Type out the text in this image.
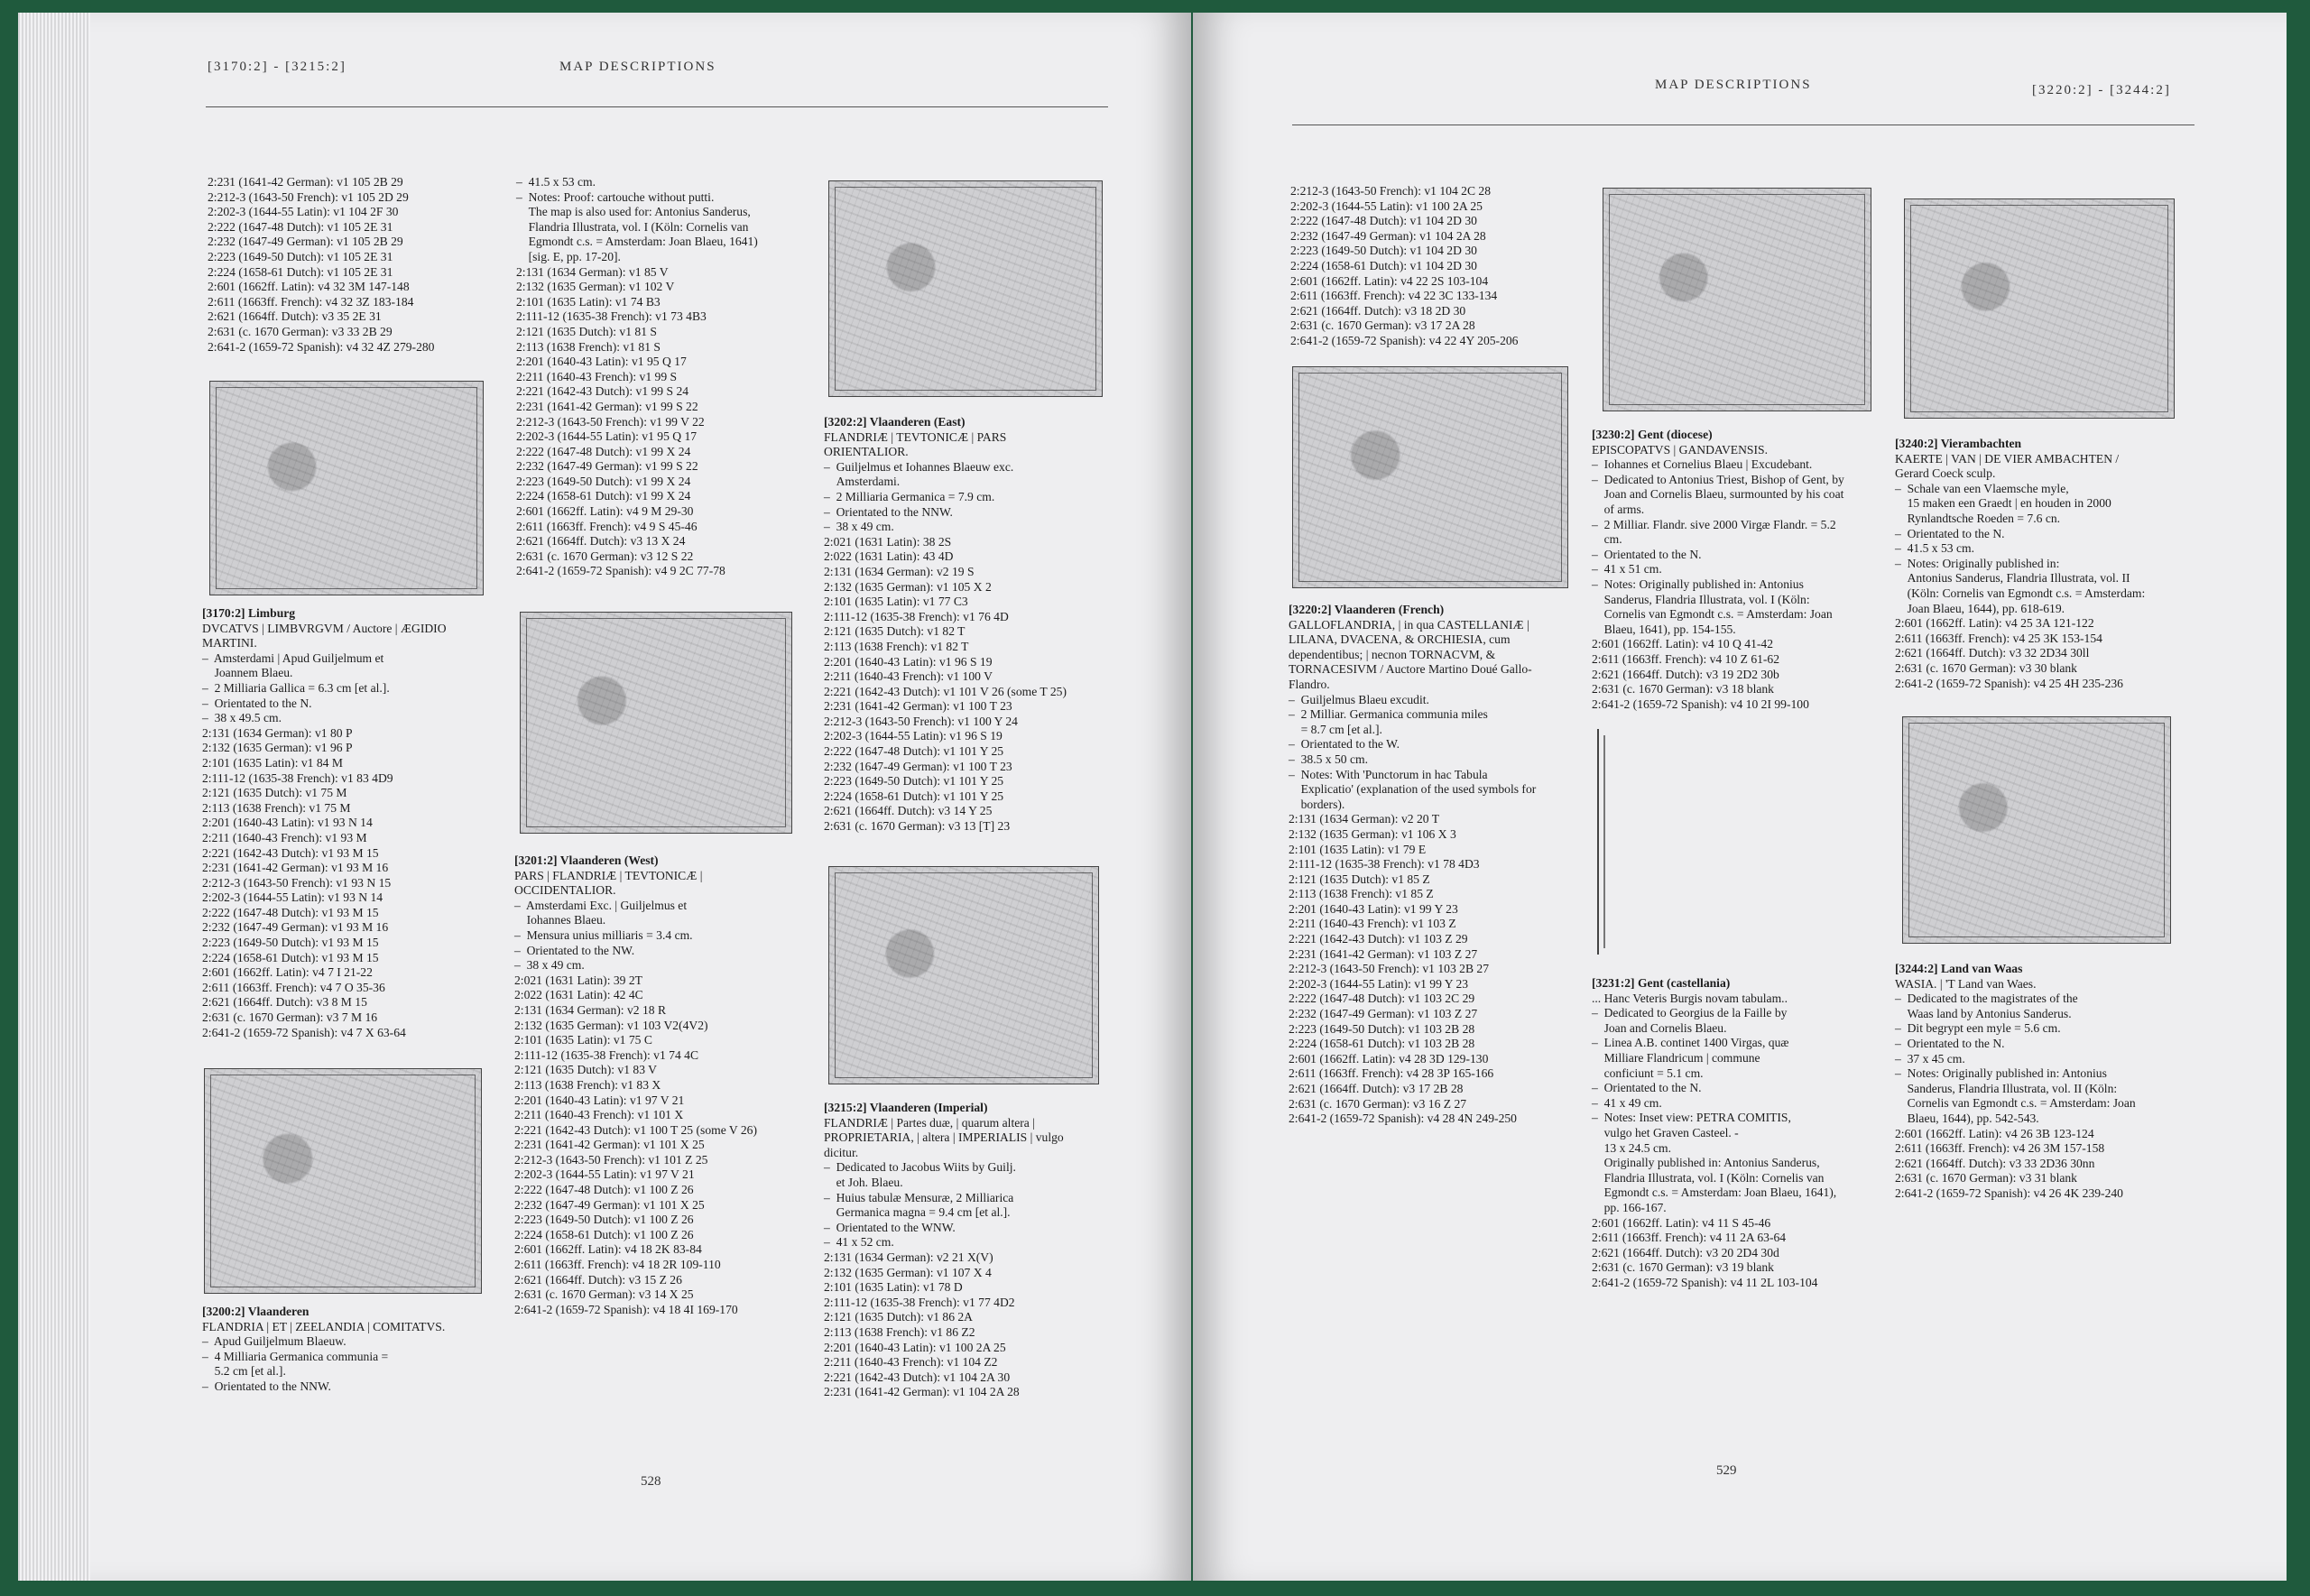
[3170:2] - [3215:2]	MAP DESCRIPTIONS

2:231 (1641-42 German): v1 105 2B 29
2:212-3 (1643-50 French): v1 105 2D 29
2:202-3 (1644-55 Latin): v1 104 2F 30
2:222 (1647-48 Dutch): v1 105 2E 31
2:232 (1647-49 German): v1 105 2B 29
2:223 (1649-50 Dutch): v1 105 2E 31
2:224 (1658-61 Dutch): v1 105 2E 31
2:601 (1662ff. Latin): v4 32 3M 147-148
2:611 (1663ff. French): v4 32 3Z 183-184
2:621 (1664ff. Dutch): v3 35 2E 31
2:631 (c. 1670 German): v3 33 2B 29
2:641-2 (1659-72 Spanish): v4 32 4Z 279-280

[3170:2] Limburg

DVCATVS | LIMBVRGVM / Auctore | ÆGIDIO MARTINI.
–  Amsterdami | Apud Guiljelmum et
Joannem Blaeu.
–  2 Milliaria Gallica = 6.3 cm [et al.].
–  Orientated to the N.
–  38 x 49.5 cm.
2:131 (1634 German): v1 80 P
2:132 (1635 German): v1 96 P
2:101 (1635 Latin): v1 84 M
2:111-12 (1635-38 French): v1 83 4D9
2:121 (1635 Dutch): v1 75 M
2:113 (1638 French): v1 75 M
2:201 (1640-43 Latin): v1 93 N 14
2:211 (1640-43 French): v1 93 M
2:221 (1642-43 Dutch): v1 93 M 15
2:231 (1641-42 German): v1 93 M 16
2:212-3 (1643-50 French): v1 93 N 15
2:202-3 (1644-55 Latin): v1 93 N 14
2:222 (1647-48 Dutch): v1 93 M 15
2:232 (1647-49 German): v1 93 M 16
2:223 (1649-50 Dutch): v1 93 M 15
2:224 (1658-61 Dutch): v1 93 M 15
2:601 (1662ff. Latin): v4 7 I 21-22
2:611 (1663ff. French): v4 7 O 35-36
2:621 (1664ff. Dutch): v3 8 M 15
2:631 (c. 1670 German): v3 7 M 16
2:641-2 (1659-72 Spanish): v4 7 X 63-64

[3200:2] Vlaanderen

FLANDRIA | ET | ZEELANDIA | COMITATVS.
–  Apud Guiljelmum Blaeuw.
–  4 Milliaria Germanica communia =
5.2 cm [et al.].
–  Orientated to the NNW.

–  41.5 x 53 cm.
–  Notes: Proof: cartouche without putti.
The map is also used for: Antonius Sanderus,
Flandria Illustrata, vol. I (Köln: Cornelis van
Egmondt c.s. = Amsterdam: Joan Blaeu, 1641)
[sig. E, pp. 17-20].
2:131 (1634 German): v1 85 V
2:132 (1635 German): v1 102 V
2:101 (1635 Latin): v1 74 B3
2:111-12 (1635-38 French): v1 73 4B3
2:121 (1635 Dutch): v1 81 S
2:113 (1638 French): v1 81 S
2:201 (1640-43 Latin): v1 95 Q 17
2:211 (1640-43 French): v1 99 S
2:221 (1642-43 Dutch): v1 99 S 24
2:231 (1641-42 German): v1 99 S 22
2:212-3 (1643-50 French): v1 99 V 22
2:202-3 (1644-55 Latin): v1 95 Q 17
2:222 (1647-48 Dutch): v1 99 X 24
2:232 (1647-49 German): v1 99 S 22
2:223 (1649-50 Dutch): v1 99 X 24
2:224 (1658-61 Dutch): v1 99 X 24
2:601 (1662ff. Latin): v4 9 M 29-30
2:611 (1663ff. French): v4 9 S 45-46
2:621 (1664ff. Dutch): v3 13 X 24
2:631 (c. 1670 German): v3 12 S 22
2:641-2 (1659-72 Spanish): v4 9 2C 77-78

[3201:2] Vlaanderen (West)

PARS | FLANDRIÆ | TEVTONICÆ |
OCCIDENTALIOR.
–  Amsterdami Exc. | Guiljelmus et
Iohannes Blaeu.
–  Mensura unius milliaris = 3.4 cm.
–  Orientated to the NW.
–  38 x 49 cm.
2:021 (1631 Latin): 39 2T
2:022 (1631 Latin): 42 4C
2:131 (1634 German): v2 18 R
2:132 (1635 German): v1 103 V2(4V2)
2:101 (1635 Latin): v1 75 C
2:111-12 (1635-38 French): v1 74 4C
2:121 (1635 Dutch): v1 83 V
2:113 (1638 French): v1 83 X
2:201 (1640-43 Latin): v1 97 V 21
2:211 (1640-43 French): v1 101 X
2:221 (1642-43 Dutch): v1 100 T 25 (some V 26)
2:231 (1641-42 German): v1 101 X 25
2:212-3 (1643-50 French): v1 101 Z 25
2:202-3 (1644-55 Latin): v1 97 V 21
2:222 (1647-48 Dutch): v1 100 Z 26
2:232 (1647-49 German): v1 101 X 25
2:223 (1649-50 Dutch): v1 100 Z 26
2:224 (1658-61 Dutch): v1 100 Z 26
2:601 (1662ff. Latin): v4 18 2K 83-84
2:611 (1663ff. French): v4 18 2R 109-110
2:621 (1664ff. Dutch): v3 15 Z 26
2:631 (c. 1670 German): v3 14 X 25
2:641-2 (1659-72 Spanish): v4 18 4I 169-170

[3202:2] Vlaanderen (East)

FLANDRIÆ | TEVTONICÆ | PARS
ORIENTALIOR.
–  Guiljelmus et Iohannes Blaeuw exc.
Amsterdami.
–  2 Milliaria Germanica = 7.9 cm.
–  Orientated to the NNW.
–  38 x 49 cm.
2:021 (1631 Latin): 38 2S
2:022 (1631 Latin): 43 4D
2:131 (1634 German): v2 19 S
2:132 (1635 German): v1 105 X 2
2:101 (1635 Latin): v1 77 C3
2:111-12 (1635-38 French): v1 76 4D
2:121 (1635 Dutch): v1 82 T
2:113 (1638 French): v1 82 T
2:201 (1640-43 Latin): v1 96 S 19
2:211 (1640-43 French): v1 100 V
2:221 (1642-43 Dutch): v1 101 V 26 (some T 25)
2:231 (1641-42 German): v1 100 T 23
2:212-3 (1643-50 French): v1 100 Y 24
2:202-3 (1644-55 Latin): v1 96 S 19
2:222 (1647-48 Dutch): v1 101 Y 25
2:232 (1647-49 German): v1 100 T 23
2:223 (1649-50 Dutch): v1 101 Y 25
2:224 (1658-61 Dutch): v1 101 Y 25
2:621 (1664ff. Dutch): v3 14 Y 25
2:631 (c. 1670 German): v3 13 [T] 23

[3215:2] Vlaanderen (Imperial)

FLANDRIÆ | Partes duæ, | quarum altera |
PROPRIETARIA, | altera | IMPERIALIS | vulgo
dicitur.
–  Dedicated to Jacobus Wiits by Guilj.
et Joh. Blaeu.
–  Huius tabulæ Mensuræ, 2 Milliarica
Germanica magna = 9.4 cm [et al.].
–  Orientated to the WNW.
–  41 x 52 cm.
2:131 (1634 German): v2 21 X(V)
2:132 (1635 German): v1 107 X 4
2:101 (1635 Latin): v1 78 D
2:111-12 (1635-38 French): v1 77 4D2
2:121 (1635 Dutch): v1 86 2A
2:113 (1638 French): v1 86 Z2
2:201 (1640-43 Latin): v1 100 2A 25
2:211 (1640-43 French): v1 104 Z2
2:221 (1642-43 Dutch): v1 104 2A 30
2:231 (1641-42 German): v1 104 2A 28

528
MAP DESCRIPTIONS	[3220:2] - [3244:2]

2:212-3 (1643-50 French): v1 104 2C 28
2:202-3 (1644-55 Latin): v1 100 2A 25
2:222 (1647-48 Dutch): v1 104 2D 30
2:232 (1647-49 German): v1 104 2A 28
2:223 (1649-50 Dutch): v1 104 2D 30
2:224 (1658-61 Dutch): v1 104 2D 30
2:601 (1662ff. Latin): v4 22 2S 103-104
2:611 (1663ff. French): v4 22 3C 133-134
2:621 (1664ff. Dutch): v3 18 2D 30
2:631 (c. 1670 German): v3 17 2A 28
2:641-2 (1659-72 Spanish): v4 22 4Y 205-206

[3220:2] Vlaanderen (French)

GALLOFLANDRIA, | in qua CASTELLANIÆ |
LILANA, DVACENA, & ORCHIESIA, cum
dependentibus; | necnon TORNACVM, &
TORNACESIVM / Auctore Martino Doué Gallo-
Flandro.
–  Guiljelmus Blaeu excudit.
–  2 Milliar. Germanica communia miles
= 8.7 cm [et al.].
–  Orientated to the W.
–  38.5 x 50 cm.
–  Notes: With 'Punctorum in hac Tabula
Explicatio' (explanation of the used symbols for
borders).
2:131 (1634 German): v2 20 T
2:132 (1635 German): v1 106 X 3
2:101 (1635 Latin): v1 79 E
2:111-12 (1635-38 French): v1 78 4D3
2:121 (1635 Dutch): v1 85 Z
2:113 (1638 French): v1 85 Z
2:201 (1640-43 Latin): v1 99 Y 23
2:211 (1640-43 French): v1 103 Z
2:221 (1642-43 Dutch): v1 103 Z 29
2:231 (1641-42 German): v1 103 Z 27
2:212-3 (1643-50 French): v1 103 2B 27
2:202-3 (1644-55 Latin): v1 99 Y 23
2:222 (1647-48 Dutch): v1 103 2C 29
2:232 (1647-49 German): v1 103 Z 27
2:223 (1649-50 Dutch): v1 103 2B 28
2:224 (1658-61 Dutch): v1 103 2B 28
2:601 (1662ff. Latin): v4 28 3D 129-130
2:611 (1663ff. French): v4 28 3P 165-166
2:621 (1664ff. Dutch): v3 17 2B 28
2:631 (c. 1670 German): v3 16 Z 27
2:641-2 (1659-72 Spanish): v4 28 4N 249-250

[3230:2] Gent (diocese)

EPISCOPATVS | GANDAVENSIS.
–  Iohannes et Cornelius Blaeu | Excudebant.
–  Dedicated to Antonius Triest, Bishop of Gent, by
Joan and Cornelis Blaeu, surmounted by his coat
of arms.
–  2 Milliar. Flandr. sive 2000 Virgæ Flandr. = 5.2
cm.
–  Orientated to the N.
–  41 x 51 cm.
–  Notes: Originally published in: Antonius
Sanderus, Flandria Illustrata, vol. I (Köln:
Cornelis van Egmondt c.s. = Amsterdam: Joan
Blaeu, 1641), pp. 154-155.
2:601 (1662ff. Latin): v4 10 Q 41-42
2:611 (1663ff. French): v4 10 Z 61-62
2:621 (1664ff. Dutch): v3 19 2D2 30b
2:631 (c. 1670 German): v3 18 blank
2:641-2 (1659-72 Spanish): v4 10 2I 99-100

[3231:2] Gent (castellania)

... Hanc Veteris Burgis novam tabulam..
–  Dedicated to Georgius de la Faille by
Joan and Cornelis Blaeu.
–  Linea A.B. continet 1400 Virgas, quæ
Milliare Flandricum | commune
conficiunt = 5.1 cm.
–  Orientated to the N.
–  41 x 49 cm.
–  Notes: Inset view: PETRA COMITIS,
vulgo het Graven Casteel. -
13 x 24.5 cm.
Originally published in: Antonius Sanderus,
Flandria Illustrata, vol. I (Köln: Cornelis van
Egmondt c.s. = Amsterdam: Joan Blaeu, 1641),
pp. 166-167.
2:601 (1662ff. Latin): v4 11 S 45-46
2:611 (1663ff. French): v4 11 2A 63-64
2:621 (1664ff. Dutch): v3 20 2D4 30d
2:631 (c. 1670 German): v3 19 blank
2:641-2 (1659-72 Spanish): v4 11 2L 103-104

[3240:2] Vierambachten

KAERTE | VAN | DE VIER AMBACHTEN /
Gerard Coeck sculp.
–  Schale van een Vlaemsche myle,
15 maken een Graedt | en houden in 2000
Rynlandtsche Roeden = 7.6 cn.
–  Orientated to the N.
–  41.5 x 53 cm.
–  Notes: Originally published in:
Antonius Sanderus, Flandria Illustrata, vol. II
(Köln: Cornelis van Egmondt c.s. = Amsterdam:
Joan Blaeu, 1644), pp. 618-619.
2:601 (1662ff. Latin): v4 25 3A 121-122
2:611 (1663ff. French): v4 25 3K 153-154
2:621 (1664ff. Dutch): v3 32 2D34 30ll
2:631 (c. 1670 German): v3 30 blank
2:641-2 (1659-72 Spanish): v4 25 4H 235-236

[3244:2] Land van Waas

WASIA. | 'T Land van Waes.
–  Dedicated to the magistrates of the
Waas land by Antonius Sanderus.
–  Dit begrypt een myle = 5.6 cm.
–  Orientated to the N.
–  37 x 45 cm.
–  Notes: Originally published in: Antonius
Sanderus, Flandria Illustrata, vol. II (Köln:
Cornelis van Egmondt c.s. = Amsterdam: Joan
Blaeu, 1644), pp. 542-543.
2:601 (1662ff. Latin): v4 26 3B 123-124
2:611 (1663ff. French): v4 26 3M 157-158
2:621 (1664ff. Dutch): v3 33 2D36 30nn
2:631 (c. 1670 German): v3 31 blank
2:641-2 (1659-72 Spanish): v4 26 4K 239-240

529
